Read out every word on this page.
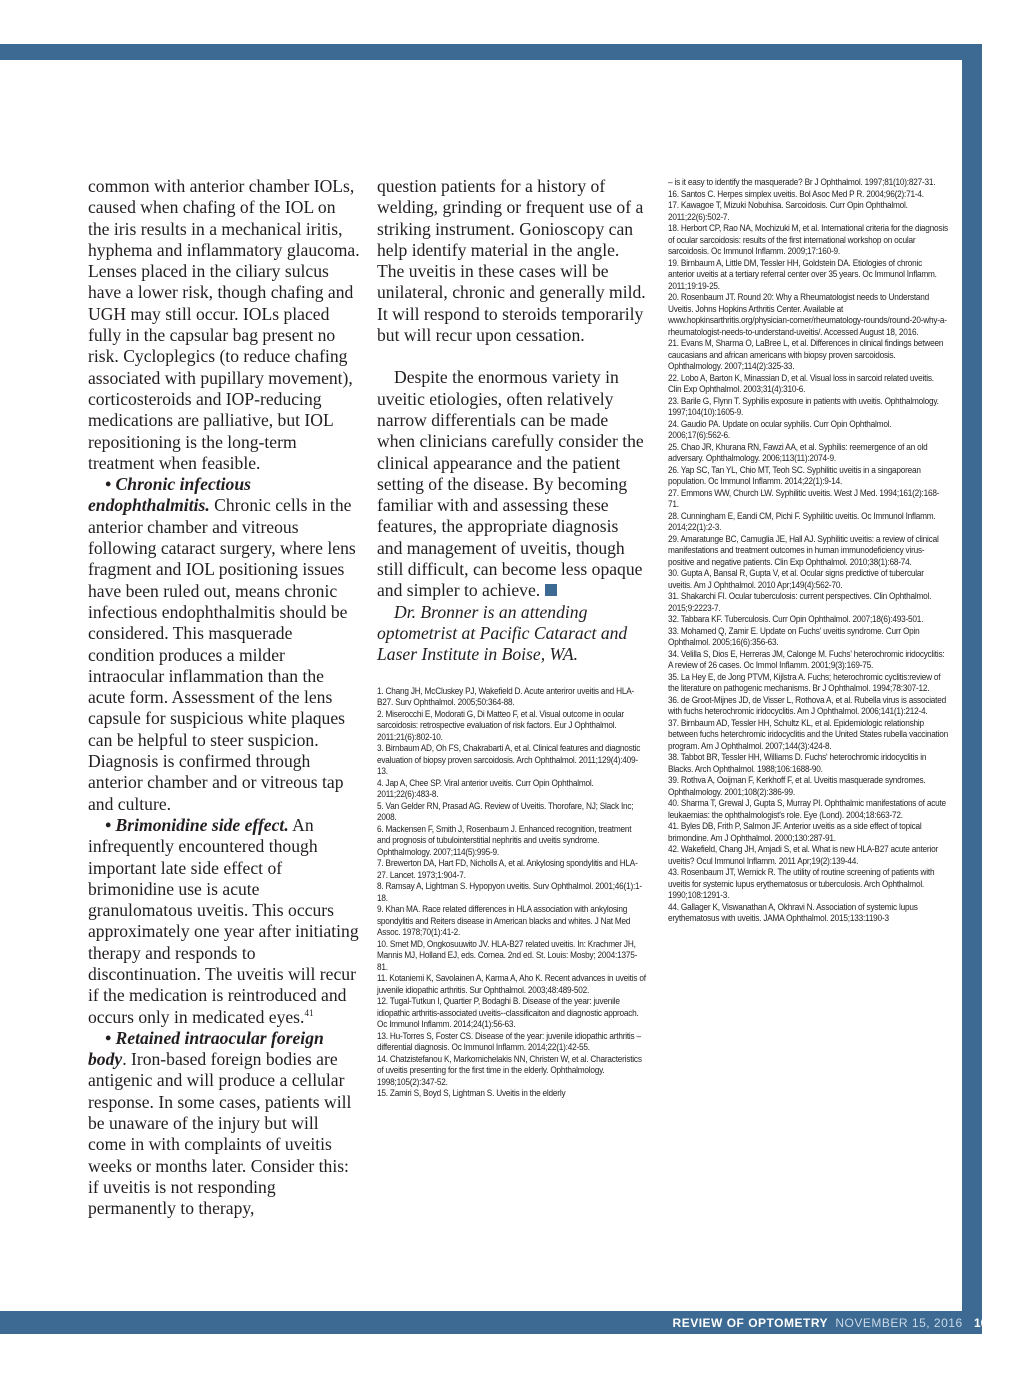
common with anterior chamber IOLs, caused when chafing of the IOL on the iris results in a mechanical iritis, hyphema and inflammatory glaucoma. Lenses placed in the ciliary sulcus have a lower risk, though chafing and UGH may still occur. IOLs placed fully in the capsular bag present no risk. Cycloplegics (to reduce chafing associated with pupillary movement), corticosteroids and IOP-reducing medications are palliative, but IOL repositioning is the long-term treatment when feasible.

• Chronic infectious endophthalmitis. Chronic cells in the anterior chamber and vitreous following cataract surgery, where lens fragment and IOL positioning issues have been ruled out, means chronic infectious endophthalmitis should be considered. This masquerade condition produces a milder intraocular inflammation than the acute form. Assessment of the lens capsule for suspicious white plaques can be helpful to steer suspicion. Diagnosis is confirmed through anterior chamber and or vitreous tap and culture.

• Brimonidine side effect. An infrequently encountered though important late side effect of brimonidine use is acute granulomatous uveitis. This occurs approximately one year after initiating therapy and responds to discontinuation. The uveitis will recur if the medication is reintroduced and occurs only in medicated eyes.$^{41}$

• Retained intraocular foreign body. Iron-based foreign bodies are antigenic and will produce a cellular response. In some cases, patients will be unaware of the injury but will come in with complaints of uveitis weeks or months later. Consider this: if uveitis is not responding permanently to therapy,

question patients for a history of welding, grinding or frequent use of a striking instrument. Gonioscopy can help identify material in the angle. The uveitis in these cases will be unilateral, chronic and generally mild. It will respond to steroids temporarily but will recur upon cessation.

Despite the enormous variety in uveitic etiologies, often relatively narrow differentials can be made when clinicians carefully consider the clinical appearance and the patient setting of the disease. By becoming familiar with and assessing these features, the appropriate diagnosis and management of uveitis, though still difficult, can become less opaque and simpler to achieve.

Dr. Bronner is an attending optometrist at Pacific Cataract and Laser Institute in Boise, WA.

1. Chang JH, McCluskey PJ, Wakefield D. Acute anteriror uveitis and HLA-B27. Surv Ophthalmol. 2005;50:364-88.

2. Miserocchi E, Modorati G, Di Matteo F, et al. Visual outcome in ocular sarcoidosis: retrospective evaluation of risk factors. Eur J Ophthalmol. 2011;21(6):802-10.

3. Birnbaum AD, Oh FS, Chakrabarti A, et al. Clinical features and diagnostic evaluation of biopsy proven sarcoidosis. Arch Ophthalmol. 2011;129(4):409-13.

4. Jap A, Chee SP. Viral anterior uveitis. Curr Opin Ophthalmol. 2011;22(6):483-8.

5. Van Gelder RN, Prasad AG. Review of Uveitis. Thorofare, NJ; Slack Inc; 2008.

6. Mackensen F, Smith J, Rosenbaum J. Enhanced recognition, treatment and prognosis of tubulointerstitial nephritis and uveitis syndrome. Ophthalmology. 2007;114(5):995-9.

7. Brewerton DA, Hart FD, Nicholls A, et al. Ankylosing spondylitis and HLA-27. Lancet. 1973;1:904-7.

8. Ramsay A, Lightman S. Hypopyon uveitis. Surv Ophthalmol. 2001;46(1):1-18.

9. Khan MA. Race related differences in HLA association with ankylosing spondylitis and Reiters disease in American blacks and whites. J Nat Med Assoc. 1978;70(1):41-2.

10. Smet MD, Ongkosuuwito JV. HLA-B27 related uveitis. In: Krachmer JH, Mannis MJ, Holland EJ, eds. Cornea. 2nd ed. St. Louis: Mosby; 2004:1375-81.

11. Kotaniemi K, Savolainen A, Karma A, Aho K. Recent advances in uveitis of juvenile idiopathic arthritis. Sur Ophthalmol. 2003;48:489-502.

12. Tugal-Tutkun I, Quartier P, Bodaghi B. Disease of the year: juvenile idiopathic arthritis-associated uveitis--classificaiton and diagnostic approach. Oc Immunol Inflamm. 2014;24(1):56-63.

13. Hu-Torres S, Foster CS. Disease of the year: juvenile idiopathic arthritis – differential diagnosis. Oc Immunol Inflamm. 2014;22(1):42-55.

14. Chatzistefanou K, Markomichelakis NN, Christen W, et al. Characteristics of uveitis presenting for the first time in the elderly. Ophthalmology. 1998;105(2):347-52.

15. Zamiri S, Boyd S, Lightman S. Uveitis in the elderly

– is it easy to identify the masquerade? Br J Ophthalmol. 1997;81(10):827-31.

16. Santos C. Herpes simplex uveitis. Bol Asoc Med P R. 2004;96(2):71-4.

17. Kawagoe T, Mizuki Nobuhisa. Sarcoidosis. Curr Opin Ophthalmol. 2011;22(6):502-7.

18. Herbort CP, Rao NA, Mochizuki M, et al. International criteria for the diagnosis of ocular sarcoidosis: results of the first international workshop on ocular sarcoidosis. Oc Immunol Inflamm. 2009;17:160-9.

19. Birnbaum A, Little DM, Tessler HH, Goldstein DA. Etiologies of chronic anterior uveitis at a tertiary referral center over 35 years. Oc Immunol Inflamm. 2011;19:19-25.

20. Rosenbaum JT. Round 20: Why a Rheumatologist needs to Understand Uveitis. Johns Hopkins Arthritis Center. Available at www.hopkinsarthritis.org/physician-corner/rheumatology-rounds/round-20-why-a-rheumatologist-needs-to-understand-uveitis/. Accessed August 18, 2016.

21. Evans M, Sharma O, LaBree L, et al. Differences in clinical findings between caucasians and african americans with biopsy proven sarcoidosis. Ophthalmology. 2007;114(2):325-33.

22. Lobo A, Barton K, Minassian D, et al. Visual loss in sarcoid related uveitis. Clin Exp Ophthalmol. 2003;31(4):310-6.

23. Barile G, Flynn T. Syphilis exposure in patients with uveitis. Ophthalmology. 1997;104(10):1605-9.

24. Gaudio PA. Update on ocular syphilis. Curr Opin Ophthalmol. 2006;17(6):562-6.

25. Chao JR, Khurana RN, Fawzi AA, et al. Syphilis: reemergence of an old adversary. Ophthalmology. 2006;113(11):2074-9.

26. Yap SC, Tan YL, Chio MT, Teoh SC. Syphilitic uveitis in a singaporean population. Oc Immunol Inflamm. 2014;22(1):9-14.

27. Emmons WW, Church LW. Syphilitic uveitis. West J Med. 1994;161(2):168-71.

28. Cunningham E, Eandi CM, Pichi F. Syphilitic uveitis. Oc Immunol Inflamm. 2014;22(1):2-3.

29. Amaratunge BC, Camuglia JE, Hall AJ. Syphilitic uveitis: a review of clinical manifestations and treatment outcomes in human immunodeficiency virus-positive and negative patients. Clin Exp Ophthalmol. 2010;38(1):68-74.

30. Gupta A, Bansal R, Gupta V, et al. Ocular signs predictive of tubercular uveitis. Am J Ophthalmol. 2010 Apr;149(4):562-70.

31. Shakarchi FI. Ocular tuberculosis: current perspectives. Clin Ophthalmol. 2015;9:2223-7.

32. Tabbara KF. Tuberculosis. Curr Opin Ophthalmol. 2007;18(6):493-501.

33. Mohamed Q, Zamir E. Update on Fuchs' uveitis syndrome. Curr Opin Ophthalmol. 2005;16(6):356-63.

34. Velilla S, Dios E, Herreras JM, Calonge M. Fuchs' heterochromic iridocyclitis: A review of 26 cases. Oc Immol Inflamm. 2001;9(3):169-75.

35. La Hey E, de Jong PTVM, Kijlstra A. Fuchs; heterochromic cyclitis:review of the literature on pathogenic mechanisms. Br J Ophthalmol. 1994;78:307-12.

36. de Groot-Mijnes JD, de Visser L, Rothova A, et al. Rubella virus is associated with fuchs heterochromic iridocyclitis. Am J Ophthalmol. 2006;141(1):212-4.

37. Birnbaum AD, Tessler HH, Schultz KL, et al. Epidemiologic relationship between fuchs heterchromic iridocyclitis and the United States rubella vaccination program. Am J Ophthalmol. 2007;144(3):424-8.

38. Tabbot BR, Tessler HH, Williams D. Fuchs' heterochromic iridocyclitis in Blacks. Arch Ophthalmol. 1988;106:1688-90.

39. Rothva A, Ooijman F, Kerkhoff F, et al. Uveitis masquerade syndromes. Ophthalmology. 2001;108(2):386-99.

40. Sharma T, Grewal J, Gupta S, Murray PI. Ophthalmic manifestations of acute leukaemias: the ophthalmologist's role. Eye (Lond). 2004;18:663-72.

41. Byles DB, Frith P, Salmon JF. Anterior uveitis as a side effect of topical brimondine. Am J Ophthalmol. 2000;130:287-91.

42. Wakefield, Chang JH, Amjadi S, et al. What is new HLA-B27 acute anterior uveitis? Ocul Immunol Inflamm. 2011 Apr;19(2):139-44.

43. Rosenbaum JT, Wernick R. The utility of routine screening of patients with uveitis for systemic lupus erythematosus or tuberculosis. Arch Ophthalmol. 1990;108:1291-3.

44. Gallager K, Viswanathan A, Okhravi N. Association of systemic lupus erythematosus with uveitis. JAMA Ophthalmol. 2015;133:1190-3

REVIEW OF OPTOMETRY NOVEMBER 15, 2016 105
